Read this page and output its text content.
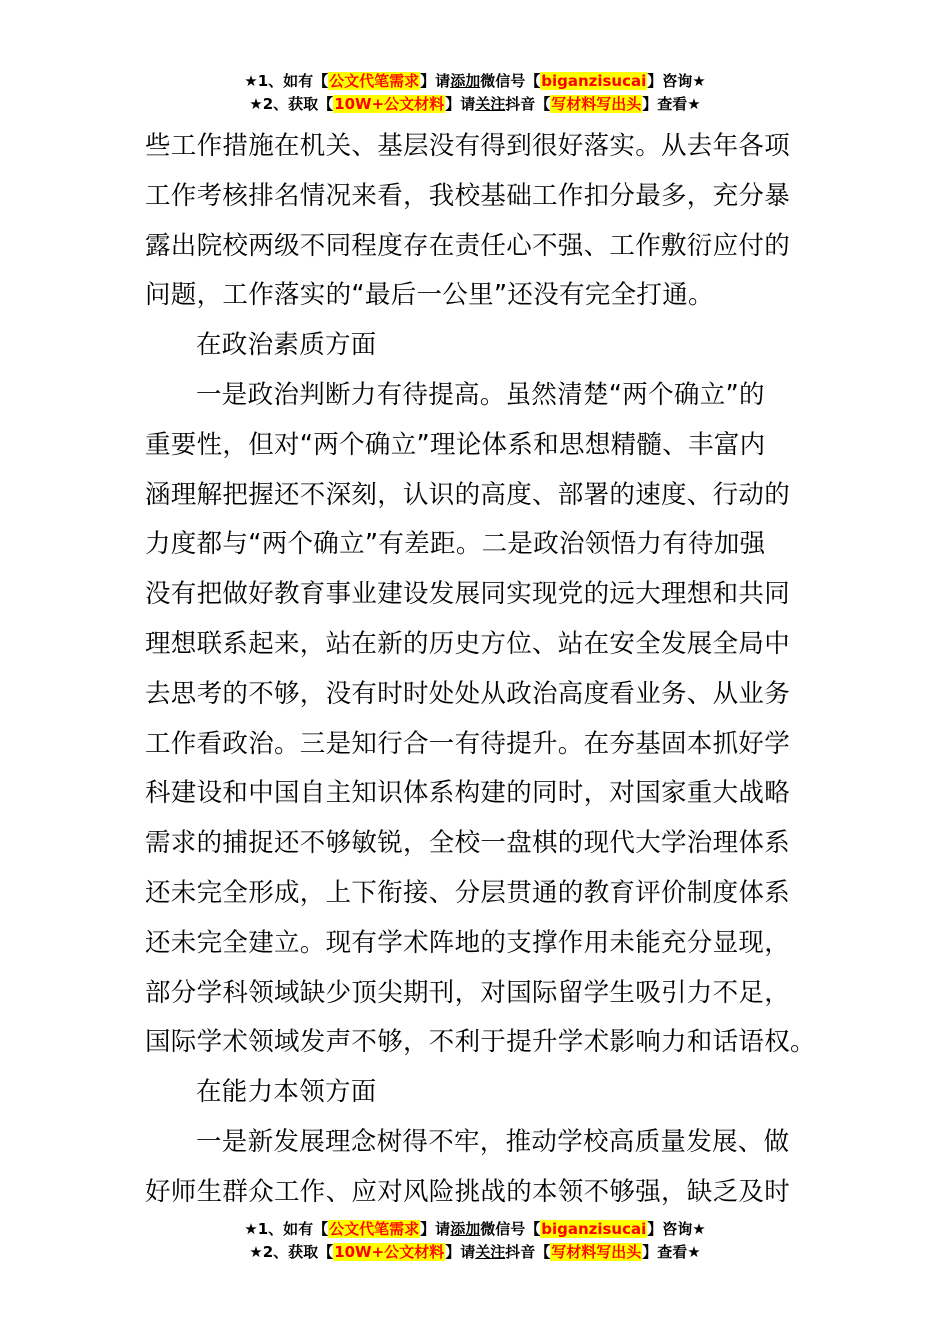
★1、如有【公文代笔需求】请添加微信号【biganzisucai】咨询★
★2、获取【10W+公文材料】请关注抖音【写材料写出头】查看★
些工作措施在机关、基层没有得到很好落实。从去年各项
工作考核排名情况来看，我校基础工作扣分最多，充分暴
露出院校两级不同程度存在责任心不强、工作敷衍应付的
问题，工作落实的“最后一公里”还没有完全打通。
在政治素质方面
一是政治判断力有待提高。虽然清楚“两个确立”的
重要性，但对“两个确立”理论体系和思想精髓、丰富内
涵理解把握还不深刻，认识的高度、部署的速度、行动的
力度都与“两个确立”有差距。二是政治领悟力有待加强
没有把做好教育事业建设发展同实现党的远大理想和共同
理想联系起来，站在新的历史方位、站在安全发展全局中
去思考的不够，没有时时处处从政治高度看业务、从业务
工作看政治。三是知行合一有待提升。在夯基固本抓好学
科建设和中国自主知识体系构建的同时，对国家重大战略
需求的捕捉还不够敏锐，全校一盘棋的现代大学治理体系
还未完全形成，上下衔接、分层贯通的教育评价制度体系
还未完全建立。现有学术阵地的支撑作用未能充分显现，
部分学科领域缺少顶尖期刊，对国际留学生吸引力不足，
国际学术领域发声不够，不利于提升学术影响力和话语权。
在能力本领方面
一是新发展理念树得不牢，推动学校高质量发展、做
好师生群众工作、应对风险挑战的本领不够强，缺乏及时
★1、如有【公文代笔需求】请添加微信号【biganzisucai】咨询★
★2、获取【10W+公文材料】请关注抖音【写材料写出头】查看★
